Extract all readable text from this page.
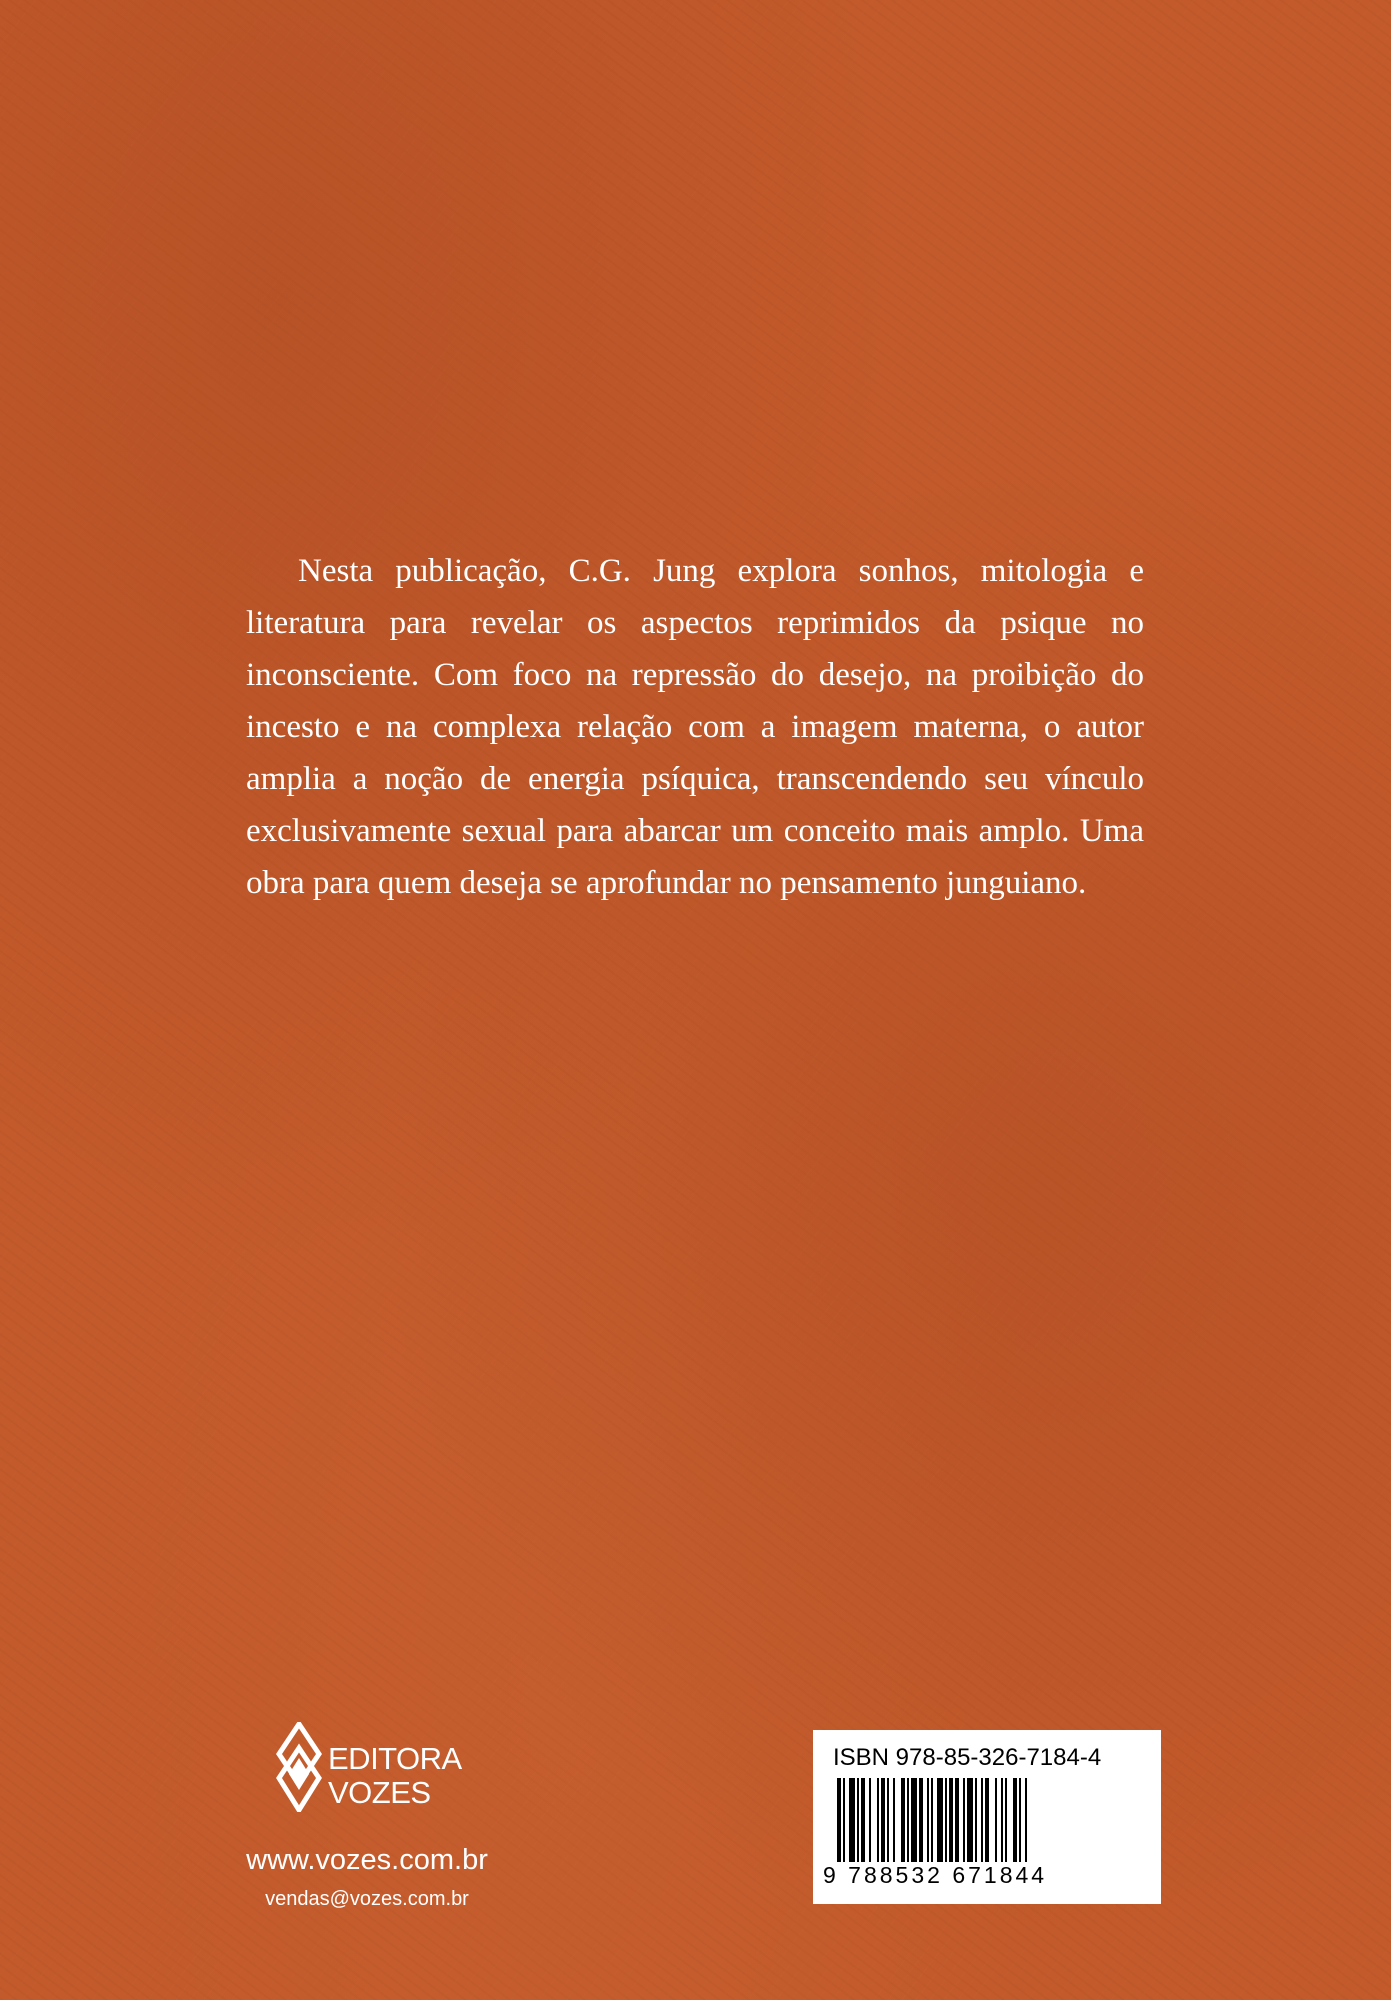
Nesta publicação, C.G. Jung explora sonhos, mitologia e literatura para revelar os aspectos reprimidos da psique no inconsciente. Com foco na repressão do desejo, na proibição do incesto e na complexa relação com a imagem materna, o autor amplia a noção de energia psíquica, transcendendo seu vínculo exclusivamente sexual para abarcar um conceito mais amplo. Uma obra para quem deseja se aprofundar no pensamento junguiano.

EDITORA
VOZES
www.vozes.com.br
vendas@vozes.com.br
ISBN 978-85-326-7184-4
9 788532 671844
